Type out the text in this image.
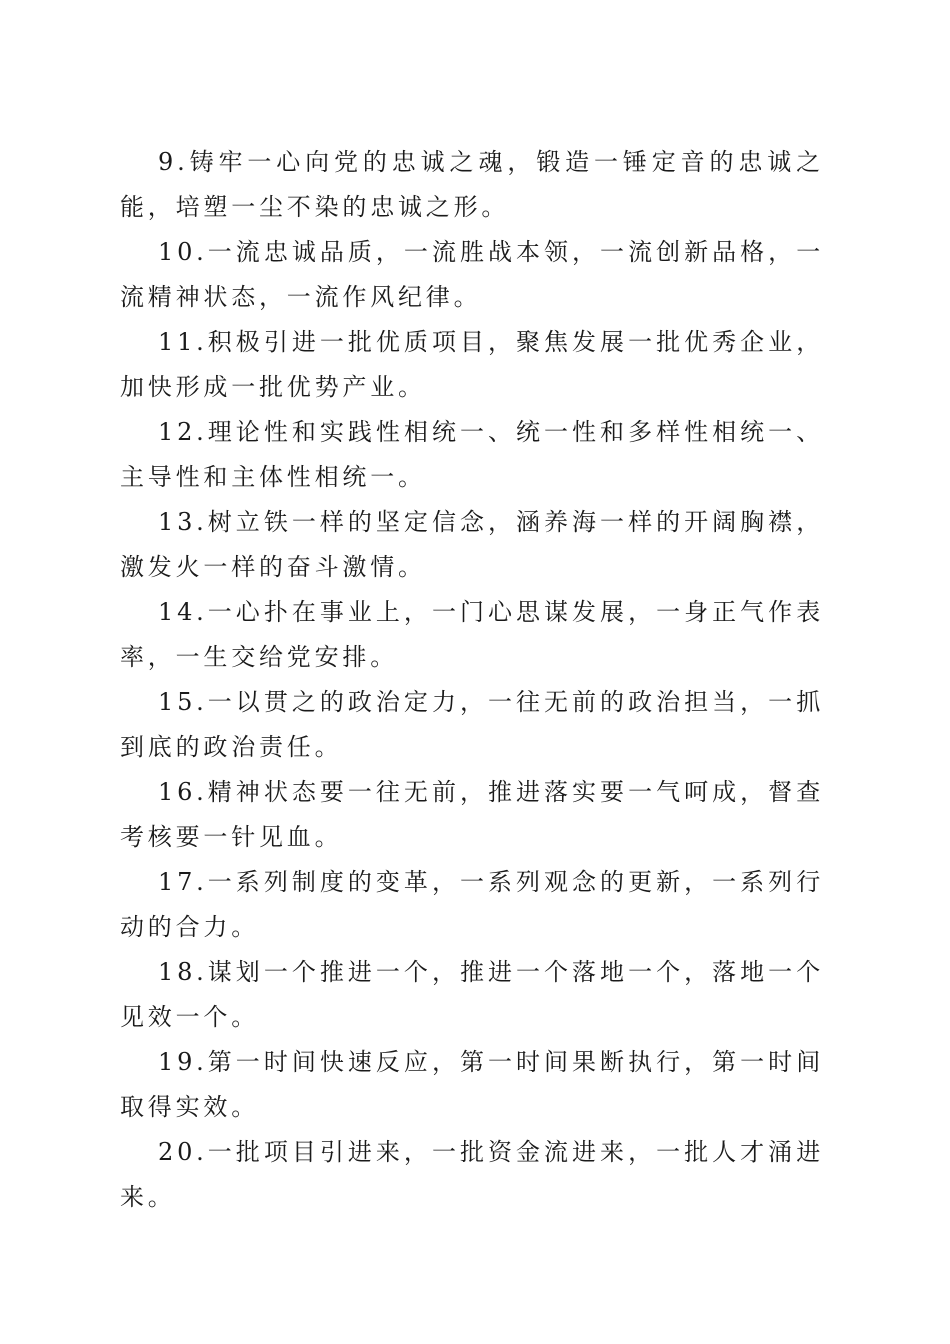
9.铸牢一心向党的忠诚之魂，锻造一锤定音的忠诚之能，培塑一尘不染的忠诚之形。

10.一流忠诚品质，一流胜战本领，一流创新品格，一流精神状态，一流作风纪律。

11.积极引进一批优质项目，聚焦发展一批优秀企业，加快形成一批优势产业。

12.理论性和实践性相统一、统一性和多样性相统一、主导性和主体性相统一。

13.树立铁一样的坚定信念，涵养海一样的开阔胸襟，激发火一样的奋斗激情。

14.一心扑在事业上，一门心思谋发展，一身正气作表率，一生交给党安排。

15.一以贯之的政治定力，一往无前的政治担当，一抓到底的政治责任。

16.精神状态要一往无前，推进落实要一气呵成，督查考核要一针见血。

17.一系列制度的变革，一系列观念的更新，一系列行动的合力。

18.谋划一个推进一个，推进一个落地一个，落地一个见效一个。

19.第一时间快速反应，第一时间果断执行，第一时间取得实效。

20.一批项目引进来，一批资金流进来，一批人才涌进来。
